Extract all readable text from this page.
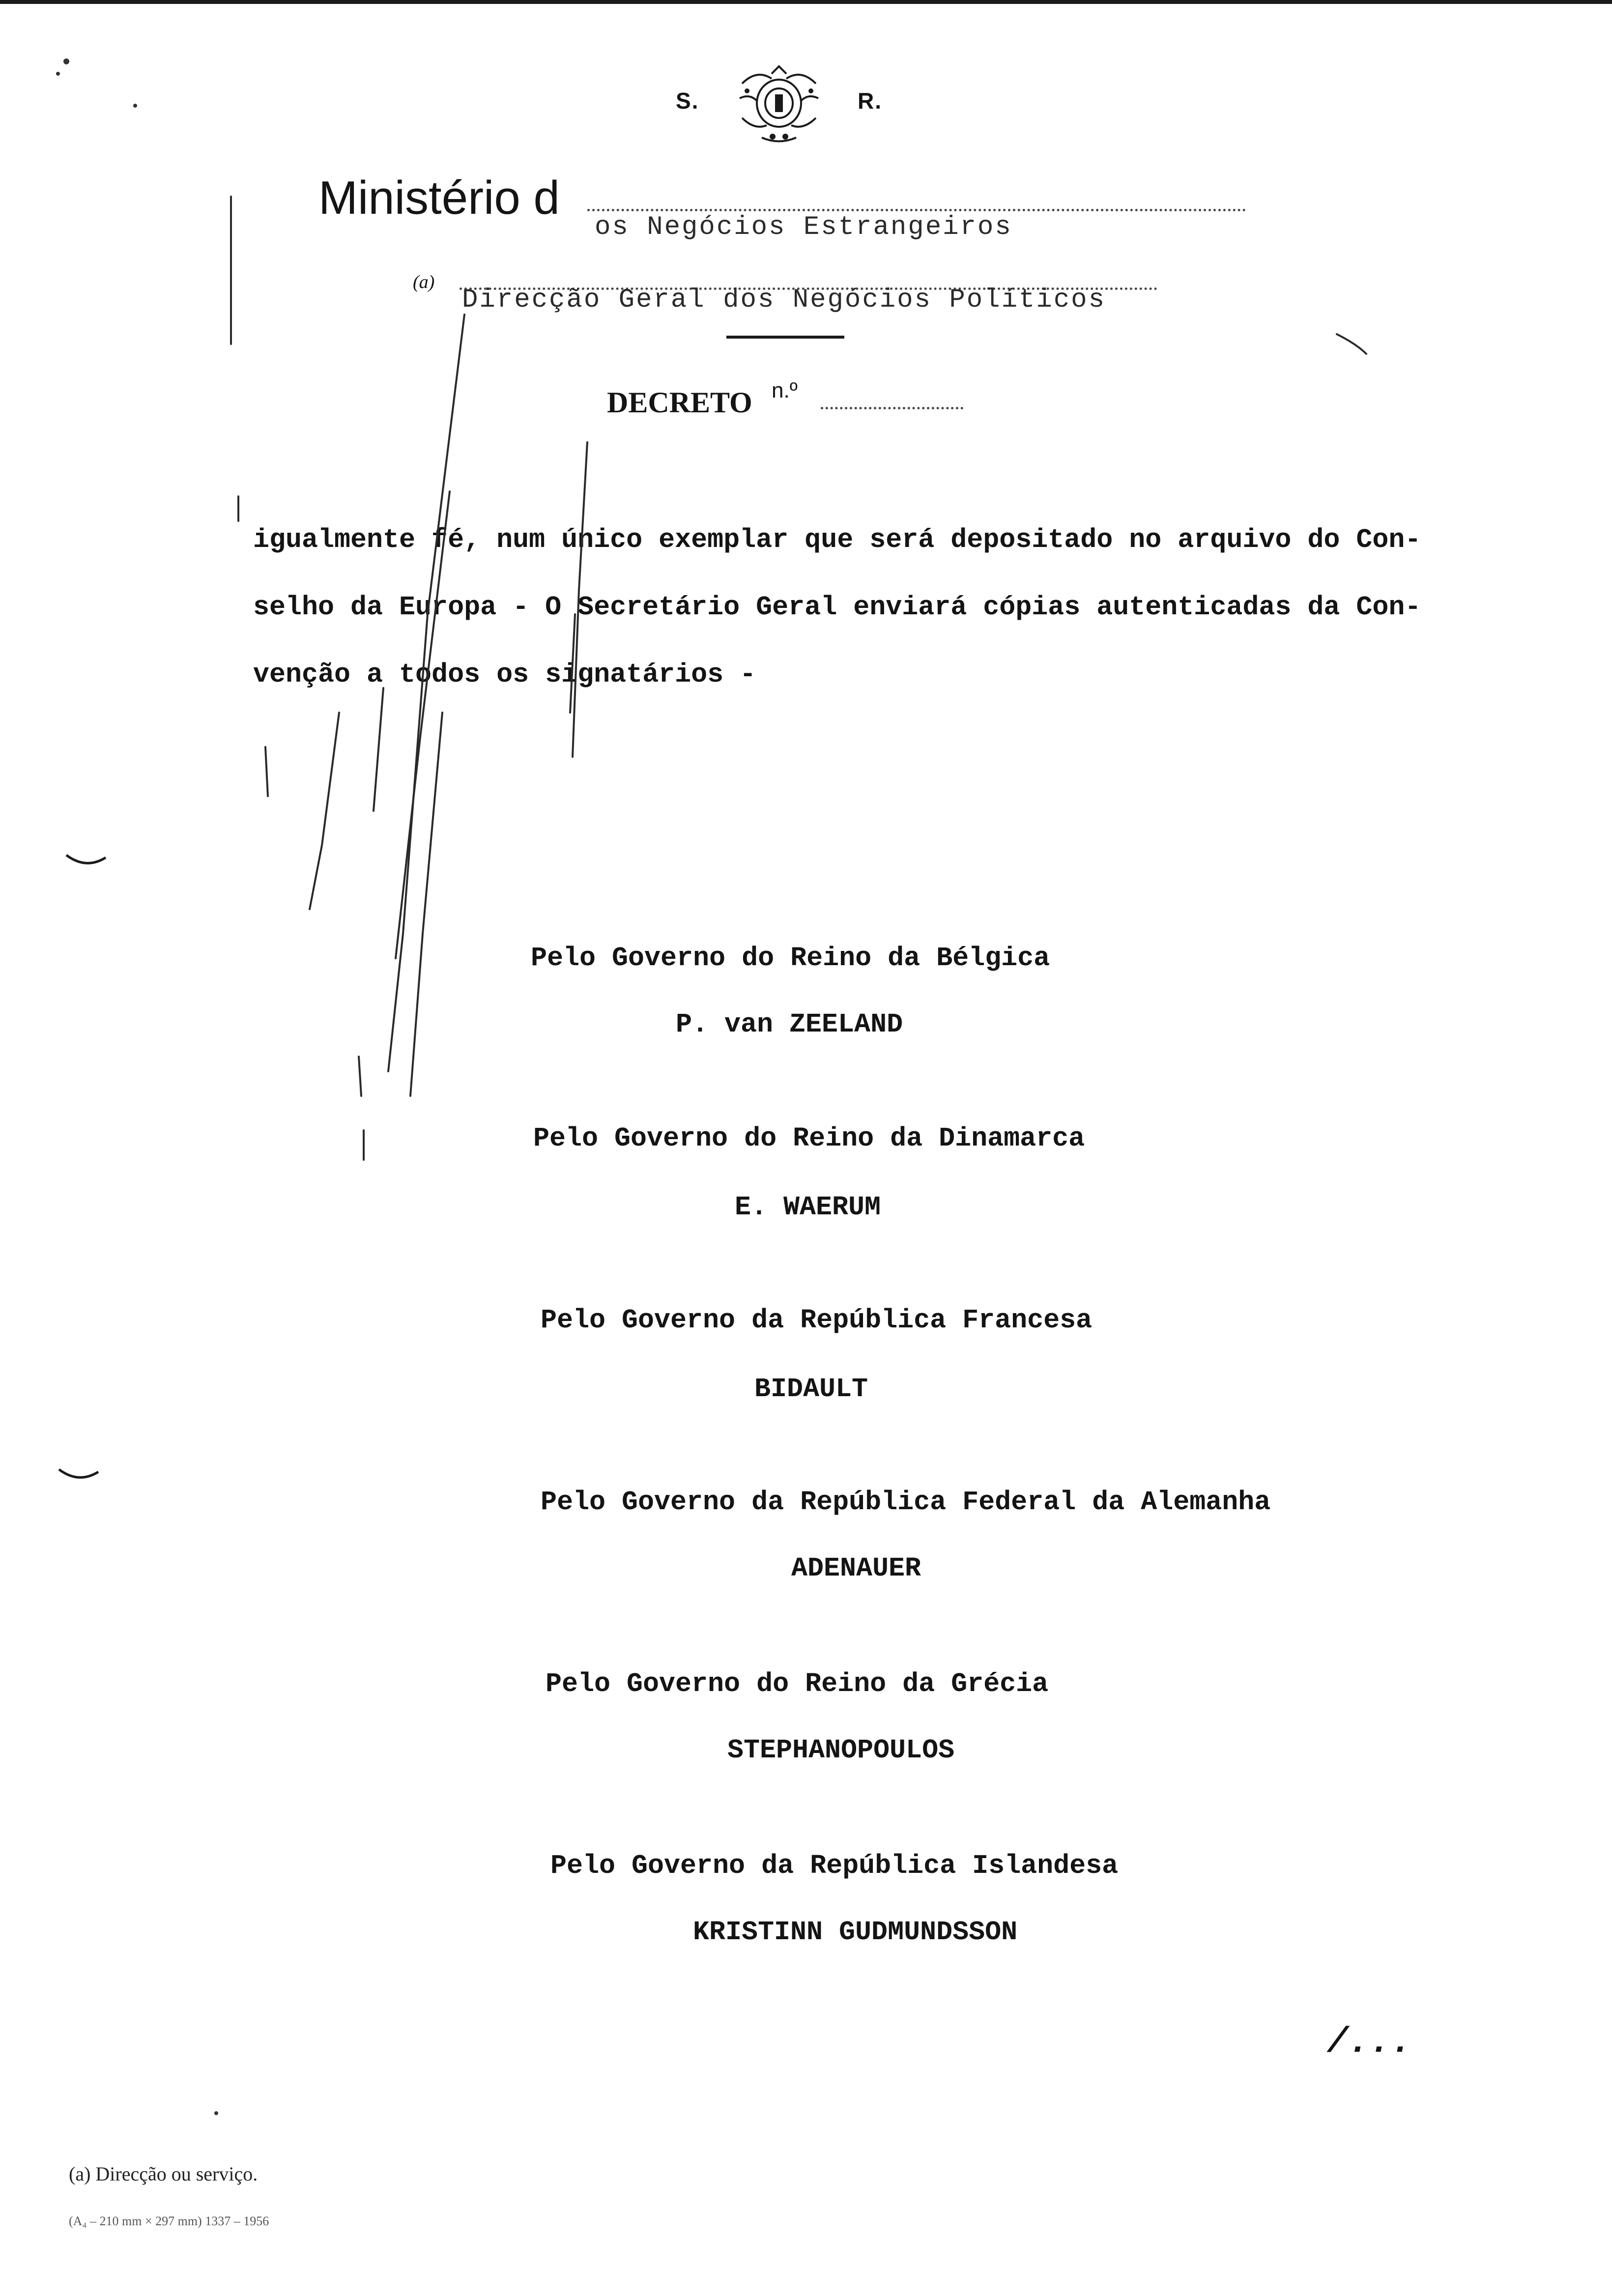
S.	R.
Ministério d
os Negócios Estrangeiros
(a)
Direcção Geral dos Negócios Políticos
DECRETO n.º
igualmente fé, num único exemplar que será depositado no arquivo do Con-
selho da Europa - O Secretário Geral enviará cópias autenticadas da Con-
venção a todos os signatários -
Pelo Governo do Reino da Bélgica
P. van ZEELAND
Pelo Governo do Reino da Dinamarca
E. WAERUM
Pelo Governo da República Francesa
BIDAULT
Pelo Governo da República Federal da Alemanha
ADENAUER
Pelo Governo do Reino da Grécia
STEPHANOPOULOS
Pelo Governo da República Islandesa
KRISTINN GUDMUNDSSON
/...
(a) Direcção ou serviço.
(A₄ – 210 mm × 297 mm) 1337 – 1956
